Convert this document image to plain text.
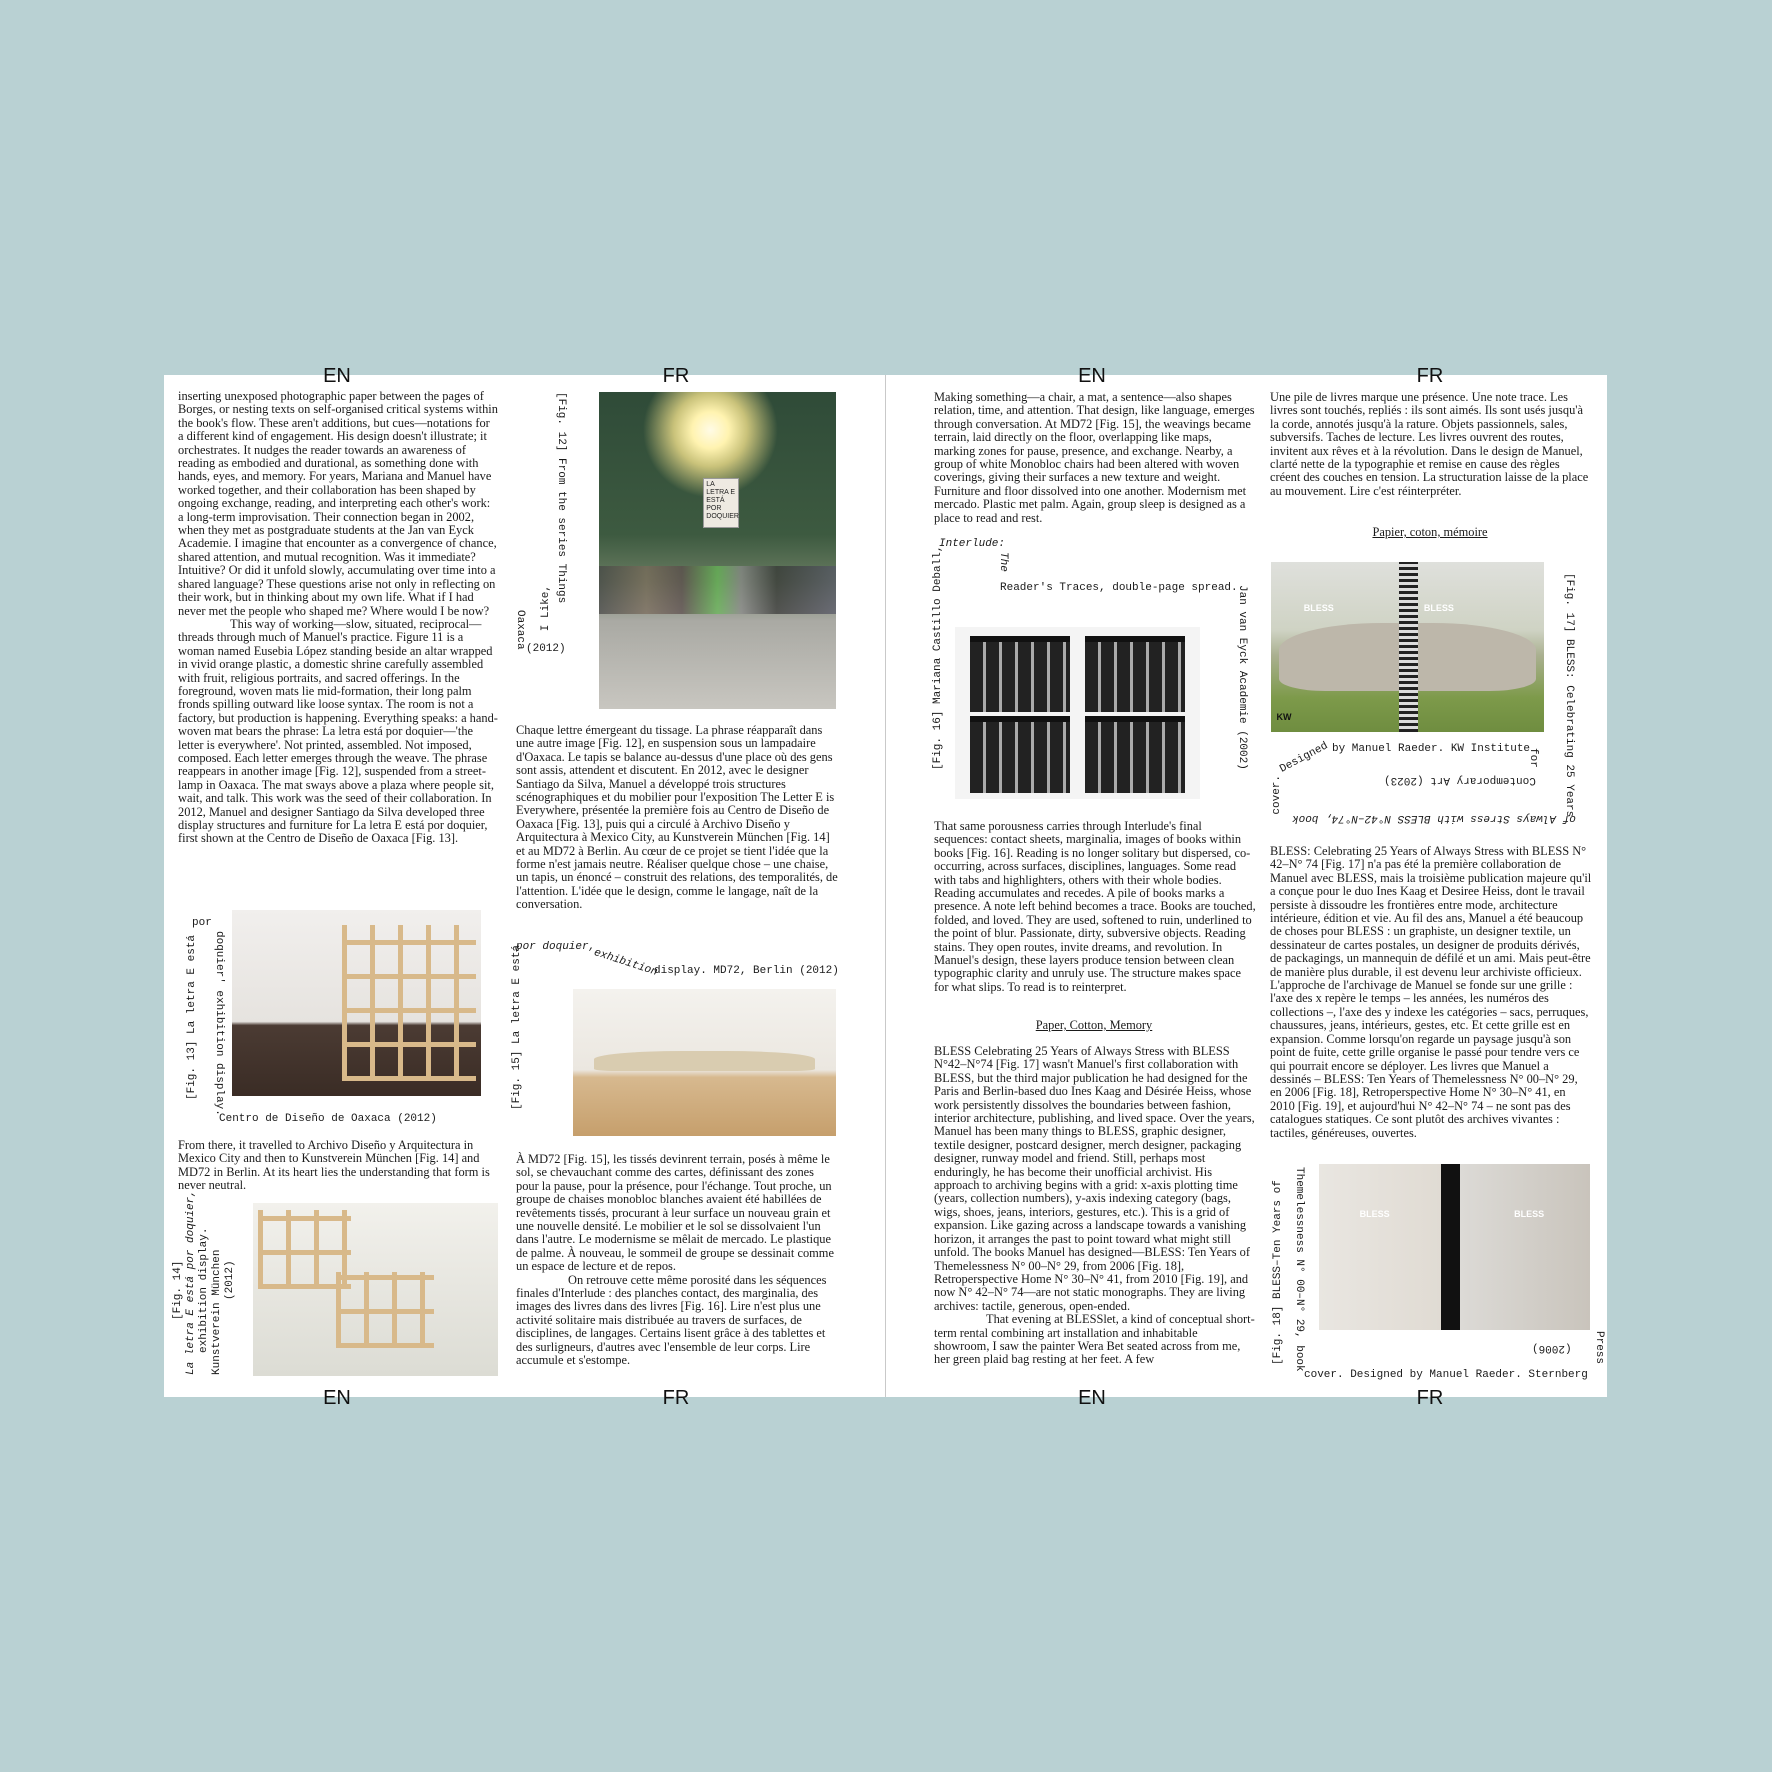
EN	FR	EN	FR
EN	FR	EN	FR

inserting unexposed photographic paper between the pages of Borges, or nesting texts on self-organised critical systems within the book's flow. These aren't additions, but cues—notations for a different kind of engagement. His design doesn't illustrate; it orchestrates. It nudges the reader towards an awareness of reading as embodied and durational, as something done with hands, eyes, and memory. For years, Mariana and Manuel have worked together, and their collaboration has been shaped by ongoing exchange, reading, and interpreting each other's work: a long-term improvisation. Their connection began in 2002, when they met as postgraduate students at the Jan van Eyck Academie. I imagine that encounter as a convergence of chance, shared attention, and mutual recognition. Was it immediate? Intuitive? Or did it unfold slowly, accumulating over time into a shared language? These questions arise not only in reflecting on their work, but in thinking about my own life. What if I had never met the people who shaped me? Where would I be now?

This way of working—slow, situated, reciprocal—threads through much of Manuel's practice. Figure 11 is a woman named Eusebia López standing beside an altar wrapped in vivid orange plastic, a domestic shrine carefully assembled with fruit, religious portraits, and sacred offerings. In the foreground, woven mats lie mid-formation, their long palm fronds spilling outward like loose syntax. The room is not a factory, but production is happening. Everything speaks: a hand-woven mat bears the phrase: La letra está por doquier—'the letter is everywhere'. Not printed, assembled. Not imposed, composed. Each letter emerges through the weave. The phrase reappears in another image [Fig. 12], suspended from a street-lamp in Oaxaca. The mat sways above a plaza where people sit, wait, and talk. This work was the seed of their collaboration. In 2012, Manuel and designer Santiago da Silva developed three display structures and furniture for La letra E está por doquier, first shown at the Centro de Diseño de Oaxaca [Fig. 13].

[Fig. 13] La letra E está
por
doquier' exhibition display.
Centro de Diseño de Oaxaca (2012)

From there, it travelled to Archivo Diseño y Arquitectura in Mexico City and then to Kunstverein München [Fig. 14] and MD72 in Berlin. At its heart lies the understanding that form is never neutral.

[Fig. 14] La letra E está por doquier, exhibition display. Kunstverein München (2012)
LA LETRA E ESTÁ POR DOQUIER
[Fig. 12] From the series Things
I Like,
Oaxaca (2012)

Chaque lettre émergeant du tissage. La phrase réapparaît dans une autre image [Fig. 12], en suspension sous un lampadaire d'Oaxaca. Le tapis se balance au-dessus d'une place où des gens sont assis, attendent et discutent. En 2012, avec le designer Santiago da Silva, Manuel a développé trois structures scénographiques et du mobilier pour l'exposition The Letter E is Everywhere, présentée la première fois au Centro de Diseño de Oaxaca [Fig. 13], puis qui a circulé à Archivo Diseño y Arquitectura à Mexico City, au Kunstverein München [Fig. 14] et au MD72 à Berlin. Au cœur de ce projet se tient l'idée que la forme n'est jamais neutre. Réaliser quelque chose – une chaise, un tapis, un énoncé – construit des relations, des temporalités, de l'attention. L'idée que le design, comme le langage, naît de la conversation.

por doquier,
exhibition
display. MD72, Berlin (2012)
[Fig. 15] La letra E está

À MD72 [Fig. 15], les tissés devinrent terrain, posés à même le sol, se chevauchant comme des cartes, définissant des zones pour la pause, pour la présence, pour l'échange. Tout proche, un groupe de chaises monobloc blanches avaient été habillées de revêtements tissés, procurant à leur surface un nouveau grain et une nouvelle densité. Le mobilier et le sol se dissolvaient l'un dans l'autre. Le modernisme se mêlait de mercado. Le plastique de palme. À nouveau, le sommeil de groupe se dessinait comme un espace de lecture et de repos.

On retrouve cette même porosité dans les séquences finales d'Interlude : des planches contact, des marginalia, des images des livres dans des livres [Fig. 16]. Lire n'est plus une activité solitaire mais distribuée au travers de surfaces, de disciplines, de langages. Certains lisent grâce à des tablettes et des surligneurs, d'autres avec l'ensemble de leur corps. Lire accumule et s'estompe.

Making something—a chair, a mat, a sentence—also shapes relation, time, and attention. That design, like language, emerges through conversation. At MD72 [Fig. 15], the weavings became terrain, laid directly on the floor, overlapping like maps, marking zones for pause, presence, and exchange. Nearby, a group of white Monobloc chairs had been altered with woven coverings, giving their surfaces a new texture and weight. Furniture and floor dissolved into one another. Modernism met mercado. Plastic met palm. Again, group sleep is designed as a place to read and rest.

Interlude:
The
Reader's Traces, double-page spread.
[Fig. 16] Mariana Castillo Deball,	Jan van Eyck Academie (2002)

That same porousness carries through Interlude's final sequences: contact sheets, marginalia, images of books within books [Fig. 16]. Reading is no longer solitary but dispersed, co-occurring, across surfaces, disciplines, languages. Some read with tabs and highlighters, others with their whole bodies. Reading accumulates and recedes. A pile of books marks a presence. A note left behind becomes a trace. Books are touched, folded, and loved. They are used, softened to ruin, underlined to the point of blur. Passionate, dirty, subversive objects. Reading stains. They open routes, invite dreams, and revolution. In Manuel's design, these layers produce tension between clean typographic clarity and unruly use. The structure makes space for what slips. To read is to reinterpret.

Paper, Cotton, Memory

BLESS Celebrating 25 Years of Always Stress with BLESS N°42–N°74 [Fig. 17] wasn't Manuel's first collaboration with BLESS, but the third major publication he had designed for the Paris and Berlin-based duo Ines Kaag and Désirée Heiss, whose work persistently dissolves the boundaries between fashion, interior architecture, publishing, and lived space. Over the years, Manuel has been many things to BLESS, graphic designer, textile designer, postcard designer, merch designer, packaging designer, runway model and friend. Still, perhaps most enduringly, he has become their unofficial archivist. His approach to archiving begins with a grid: x-axis plotting time (years, collection numbers), y-axis indexing category (bags, wigs, shoes, jeans, interiors, gestures, etc.). This is a grid of expansion. Like gazing across a landscape towards a vanishing horizon, it arranges the past to point toward what might still unfold. The books Manuel has designed—BLESS: Ten Years of Themelessness N° 00–N° 29, from 2006 [Fig. 18], Retroperspective Home N° 30–N° 41, from 2010 [Fig. 19], and now N° 42–N° 74—are not static monographs. They are living archives: tactile, generous, open-ended.

That evening at BLESSlet, a kind of conceptual short-term rental combining art installation and inhabitable showroom, I saw the painter Wera Bet seated across from me, her green plaid bag resting at her feet. A few

Une pile de livres marque une présence. Une note trace. Les livres sont touchés, repliés : ils sont aimés. Ils sont usés jusqu'à la corde, annotés jusqu'à la rature. Objets passionnels, sales, subversifs. Taches de lecture. Les livres ouvrent des routes, invitent aux rêves et à la révolution. Dans le design de Manuel, clarté nette de la typographie et remise en cause des règles créent des couches en tension. La structuration laisse de la place au mouvement. Lire c'est réinterpréter.

Papier, coton, mémoire
BLESS	BLESS
KW	[Fig. 17] BLESS: Celebrating 25 Years
cover.
Designed by Manuel Raeder. KW Institute
for
Contemporary Art (2023)
of Always Stress with BLESS N°42–N°74, book

BLESS: Celebrating 25 Years of Always Stress with BLESS N° 42–N° 74 [Fig. 17] n'a pas été la première collaboration de Manuel avec BLESS, mais la troisième publication majeure qu'il a conçue pour le duo Ines Kaag et Desiree Heiss, dont le travail persiste à dissoudre les frontières entre mode, architecture intérieure, édition et vie. Au fil des ans, Manuel a été beaucoup de choses pour BLESS : un graphiste, un designer textile, un dessinateur de cartes postales, un designer de produits dérivés, de packagings, un mannequin de défilé et un ami. Mais peut-être de manière plus durable, il est devenu leur archiviste officieux. L'approche de l'archivage de Manuel se fonde sur une grille : l'axe des x repère le temps – les années, les numéros des collections –, l'axe des y indexe les catégories – sacs, perruques, chaussures, jeans, intérieurs, gestes, etc. Et cette grille est en expansion. Comme lorsqu'on regarde un paysage jusqu'à son point de fuite, cette grille organise le passé pour tendre vers ce qui pourrait encore se déployer. Les livres que Manuel a dessinés – BLESS: Ten Years of Themelessness N° 00–N° 29, en 2006 [Fig. 18], Retroperspective Home N° 30–N° 41, en 2010 [Fig. 19], et aujourd'hui N° 42–N° 74 – ne sont pas des catalogues statiques. Ce sont plutôt des archives vivantes : tactiles, généreuses, ouvertes.

BLESS	BLESS
[Fig. 18] BLESS–Ten Years of Themelessness N° 00–N° 29, book	(2006) Press
cover. Designed by Manuel Raeder. Sternberg
